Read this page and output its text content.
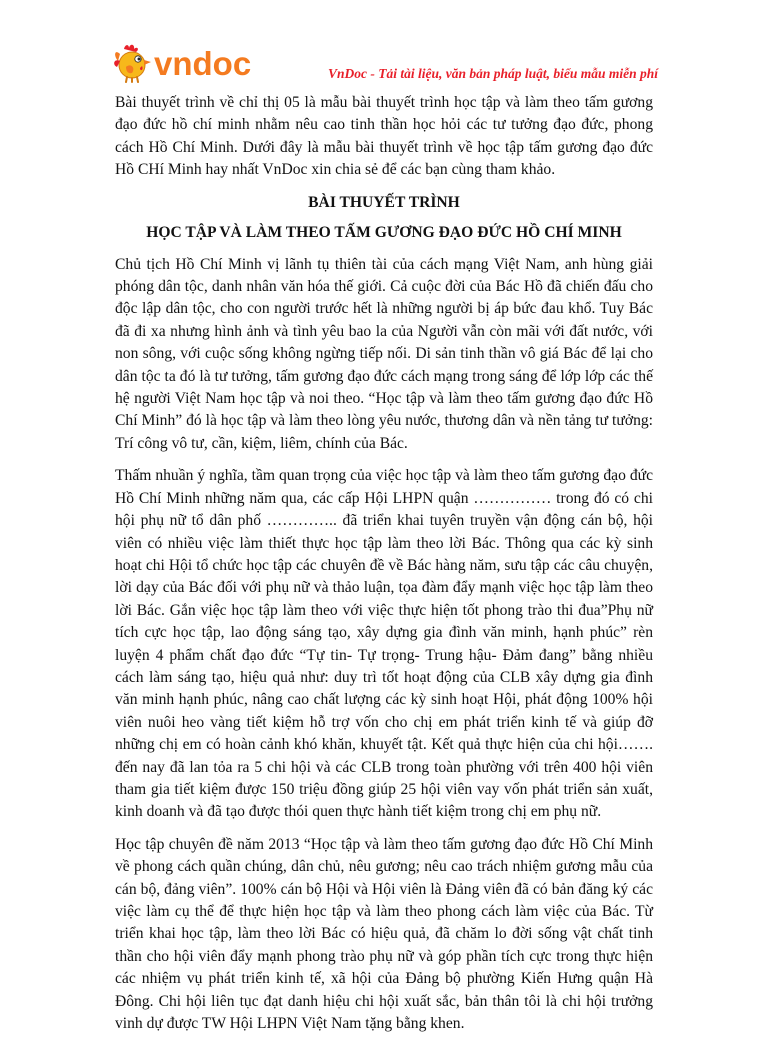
vndoc	VnDoc - Tải tài liệu, văn bản pháp luật, biểu mẫu miễn phí

Bài thuyết trình về chỉ thị 05 là mẫu bài thuyết trình học tập và làm theo tấm gương đạo đức hồ chí minh nhằm nêu cao tinh thần học hỏi các tư tưởng đạo đức, phong cách Hồ Chí Minh. Dưới đây là mẫu bài thuyết trình về học tập tấm gương đạo đức Hồ CHí Minh hay nhất VnDoc xin chia sẻ để các bạn cùng tham khảo.

BÀI THUYẾT TRÌNH
HỌC TẬP VÀ LÀM THEO TẤM GƯƠNG ĐẠO ĐỨC HỒ CHÍ MINH

Chủ tịch Hồ Chí Minh vị lãnh tụ thiên tài của cách mạng Việt Nam, anh hùng giải phóng dân tộc, danh nhân văn hóa thế giới. Cả cuộc đời của Bác Hồ đã chiến đấu cho độc lập dân tộc, cho con người trước hết là những người bị áp bức đau khổ. Tuy Bác đã đi xa nhưng hình ảnh và tình yêu bao la của Người vẫn còn mãi với đất nước, với non sông, với cuộc sống không ngừng tiếp nối. Di sản tinh thần vô giá Bác để lại cho dân tộc ta đó là tư tưởng, tấm gương đạo đức cách mạng trong sáng để lớp lớp các thế hệ người Việt Nam học tập và noi theo. “Học tập và làm theo tấm gương đạo đức Hồ Chí Minh” đó là học tập và làm theo lòng yêu nước, thương dân và nền tảng tư tưởng: Trí công vô tư, cần, kiệm, liêm, chính của Bác.

Thấm nhuần ý nghĩa, tầm quan trọng của việc học tập và làm theo tấm gương đạo đức Hồ Chí Minh những năm qua, các cấp Hội LHPN quận …………… trong đó có chi hội phụ nữ tổ dân phố ………….. đã triển khai tuyên truyền vận động cán bộ, hội viên có nhiều việc làm thiết thực học tập làm theo lời Bác. Thông qua các kỳ sinh hoạt chi Hội tổ chức học tập các chuyên đề về Bác hàng năm, sưu tập các câu chuyện, lời dạy của Bác đối với phụ nữ và thảo luận, tọa đàm đẩy mạnh việc học tập làm theo lời Bác. Gắn việc học tập làm theo với việc thực hiện tốt phong trào thi đua”Phụ nữ tích cực học tập, lao động sáng tạo, xây dựng gia đình văn minh, hạnh phúc” rèn luyện 4 phẩm chất đạo đức “Tự tin- Tự trọng- Trung hậu- Đảm đang” bằng nhiều cách làm sáng tạo, hiệu quả như: duy trì tốt hoạt động của CLB xây dựng gia đình văn minh hạnh phúc, nâng cao chất lượng các kỳ sinh hoạt Hội, phát động 100% hội viên nuôi heo vàng tiết kiệm hỗ trợ vốn cho chị em phát triển kinh tế và giúp đỡ những chị em có hoàn cảnh khó khăn, khuyết tật. Kết quả thực hiện của chi hội……. đến nay đã lan tỏa ra 5 chi hội và các CLB trong toàn phường với trên 400 hội viên tham gia tiết kiệm được 150 triệu đồng giúp 25 hội viên vay vốn phát triển sản xuất, kinh doanh và đã tạo được thói quen thực hành tiết kiệm trong chị em phụ nữ.

Học tập chuyên đề năm 2013 “Học tập và làm theo tấm gương đạo đức Hồ Chí Minh về phong cách quần chúng, dân chủ, nêu gương; nêu cao trách nhiệm gương mẫu của cán bộ, đảng viên”. 100% cán bộ Hội và Hội viên là Đảng viên đã có bản đăng ký các việc làm cụ thể để thực hiện học tập và làm theo phong cách làm việc của Bác. Từ triển khai học tập, làm theo lời Bác có hiệu quả, đã chăm lo đời sống vật chất tinh thần cho hội viên đẩy mạnh phong trào phụ nữ và góp phần tích cực trong thực hiện các nhiệm vụ phát triển kinh tế, xã hội của Đảng bộ phường Kiến Hưng quận Hà Đông. Chi hội liên tục đạt danh hiệu chi hội xuất sắc, bản thân tôi là chi hội trưởng vinh dự được TW Hội LHPN Việt Nam tặng bằng khen.
